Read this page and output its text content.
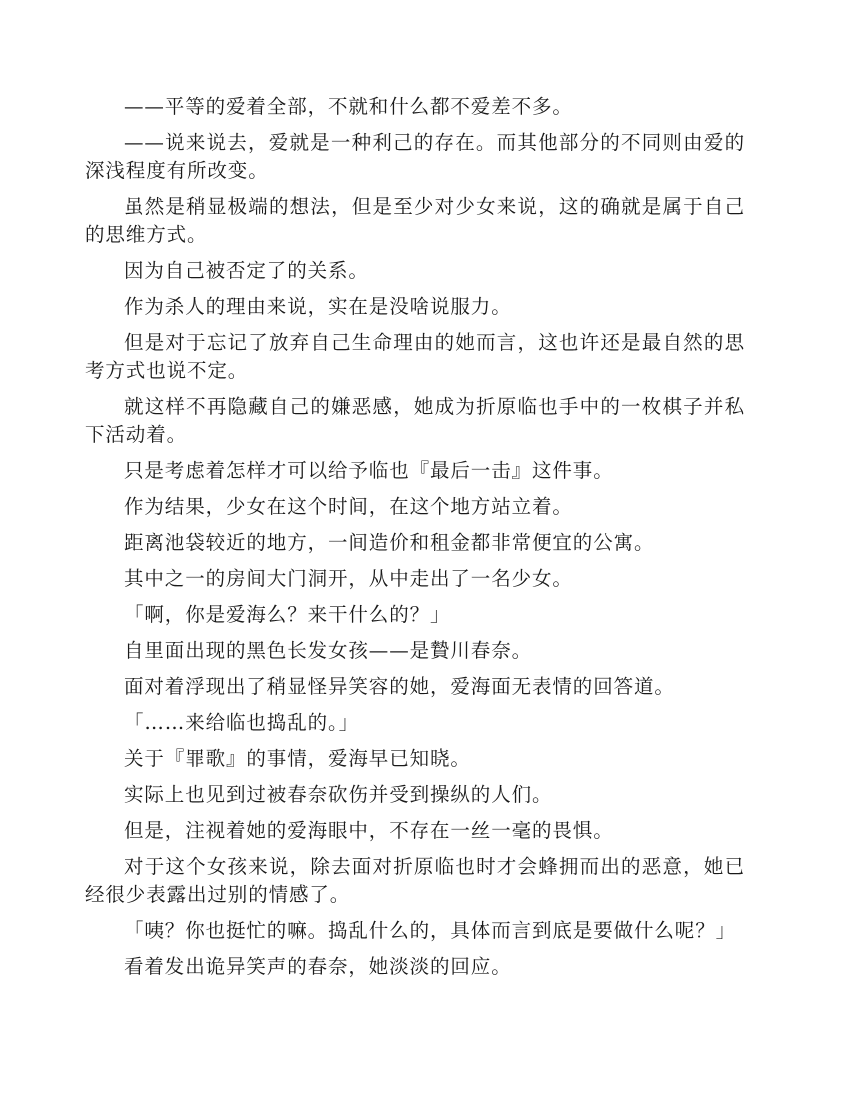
——平等的爱着全部，不就和什么都不爱差不多。

——说来说去，爱就是一种利己的存在。而其他部分的不同则由爱的深浅程度有所改变。

虽然是稍显极端的想法，但是至少对少女来说，这的确就是属于自己的思维方式。

因为自己被否定了的关系。

作为杀人的理由来说，实在是没啥说服力。

但是对于忘记了放弃自己生命理由的她而言，这也许还是最自然的思考方式也说不定。

就这样不再隐藏自己的嫌恶感，她成为折原临也手中的一枚棋子并私下活动着。

只是考虑着怎样才可以给予临也『最后一击』这件事。

作为结果，少女在这个时间，在这个地方站立着。

距离池袋较近的地方，一间造价和租金都非常便宜的公寓。

其中之一的房间大门洞开，从中走出了一名少女。

「啊，你是爱海么？来干什么的？」

自里面出现的黑色长发女孩——是贄川春奈。

面对着浮现出了稍显怪异笑容的她，爱海面无表情的回答道。

「……来给临也捣乱的。」

关于『罪歌』的事情，爱海早已知晓。

实际上也见到过被春奈砍伤并受到操纵的人们。

但是，注视着她的爱海眼中，不存在一丝一毫的畏惧。

对于这个女孩来说，除去面对折原临也时才会蜂拥而出的恶意，她已经很少表露出过别的情感了。

「咦？你也挺忙的嘛。捣乱什么的，具体而言到底是要做什么呢？」

看着发出诡异笑声的春奈，她淡淡的回应。
